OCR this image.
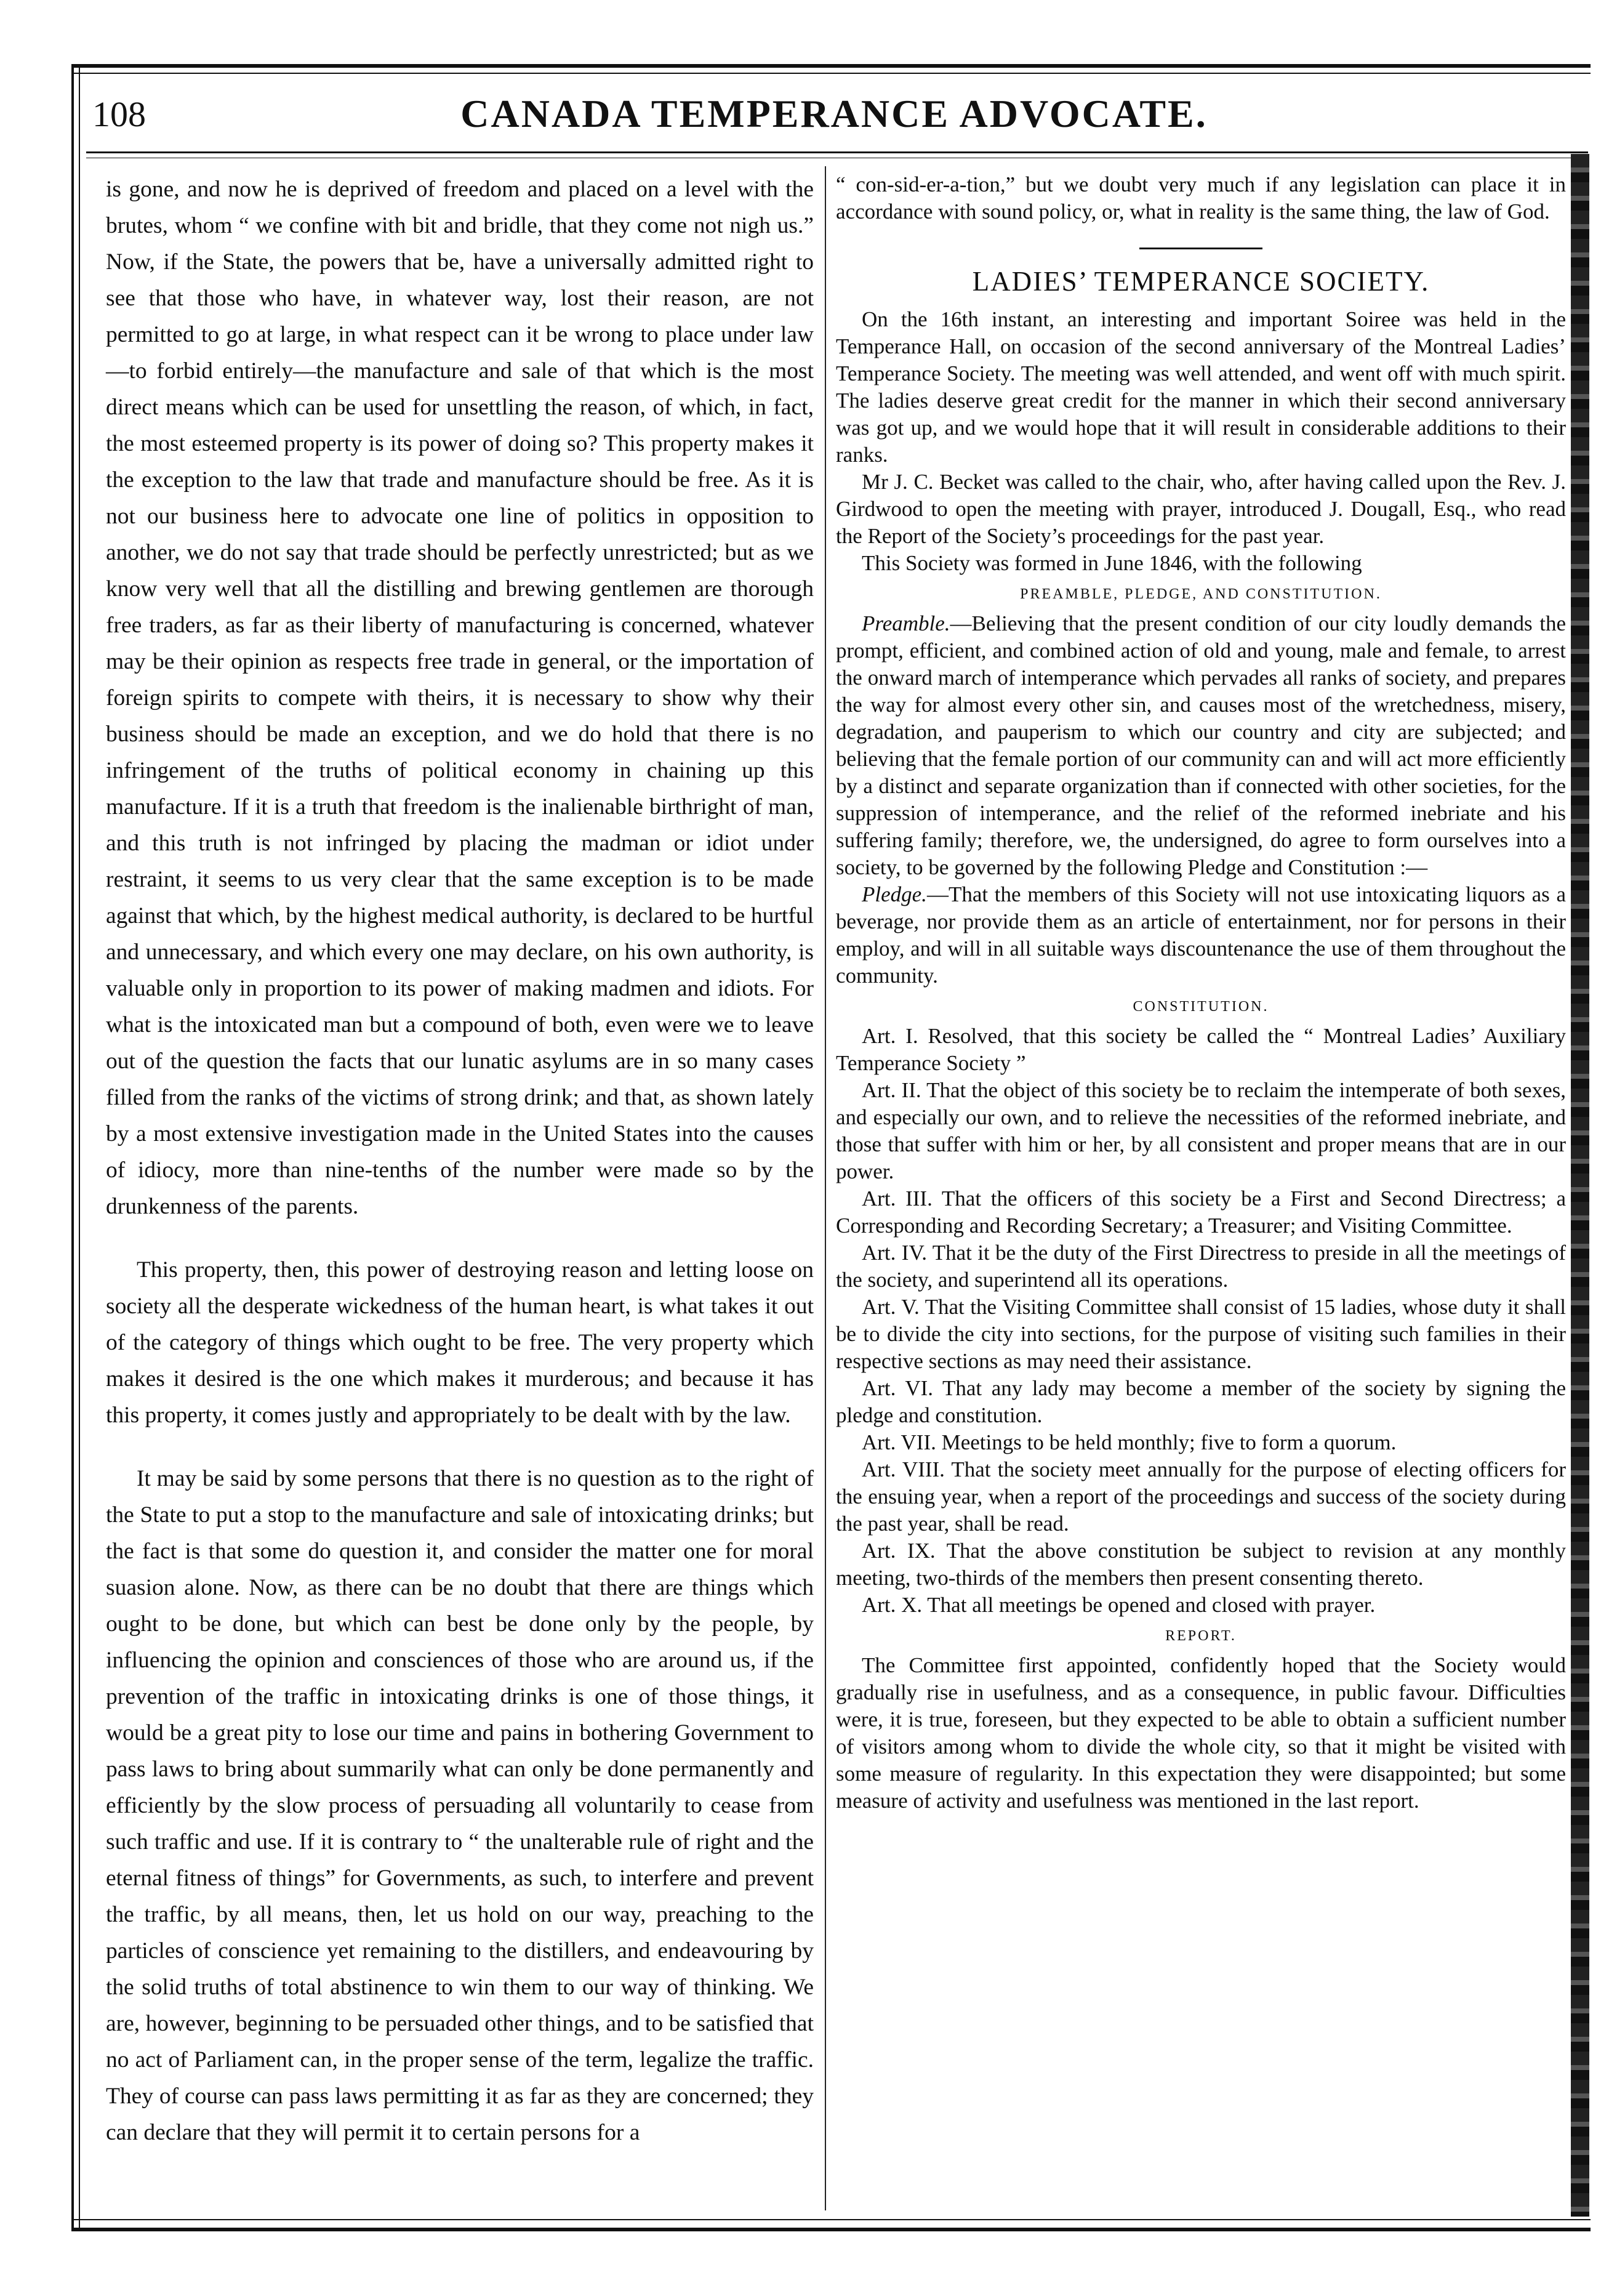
108	CANADA TEMPERANCE ADVOCATE.

is gone, and now he is deprived of freedom and placed on a level with the brutes, whom “ we confine with bit and bridle, that they come not nigh us.” Now, if the State, the powers that be, have a universally admitted right to see that those who have, in whatever way, lost their reason, are not permitted to go at large, in what respect can it be wrong to place under law—to forbid entirely—the manufacture and sale of that which is the most direct means which can be used for unsettling the reason, of which, in fact, the most esteemed property is its power of doing so? This property makes it the exception to the law that trade and manufacture should be free. As it is not our business here to advocate one line of politics in opposition to another, we do not say that trade should be perfectly unrestricted; but as we know very well that all the distilling and brewing gentlemen are thorough free traders, as far as their liberty of manufacturing is concerned, whatever may be their opinion as respects free trade in general, or the importation of foreign spirits to compete with theirs, it is necessary to show why their business should be made an exception, and we do hold that there is no infringement of the truths of political economy in chaining up this manufacture. If it is a truth that freedom is the inalienable birthright of man, and this truth is not infringed by placing the madman or idiot under restraint, it seems to us very clear that the same exception is to be made against that which, by the highest medical authority, is declared to be hurtful and unnecessary, and which every one may declare, on his own authority, is valuable only in proportion to its power of making madmen and idiots. For what is the intoxicated man but a compound of both, even were we to leave out of the question the facts that our lunatic asylums are in so many cases filled from the ranks of the victims of strong drink; and that, as shown lately by a most extensive investigation made in the United States into the causes of idiocy, more than nine-tenths of the number were made so by the drunkenness of the parents.

This property, then, this power of destroying reason and letting loose on society all the desperate wickedness of the human heart, is what takes it out of the category of things which ought to be free. The very property which makes it desired is the one which makes it murderous; and because it has this property, it comes justly and appropriately to be dealt with by the law.

It may be said by some persons that there is no question as to the right of the State to put a stop to the manufacture and sale of intoxicating drinks; but the fact is that some do question it, and consider the matter one for moral suasion alone. Now, as there can be no doubt that there are things which ought to be done, but which can best be done only by the people, by influencing the opinion and consciences of those who are around us, if the prevention of the traffic in intoxicating drinks is one of those things, it would be a great pity to lose our time and pains in bothering Government to pass laws to bring about summarily what can only be done permanently and efficiently by the slow process of persuading all voluntarily to cease from such traffic and use. If it is contrary to “ the unalterable rule of right and the eternal fitness of things” for Governments, as such, to interfere and prevent the traffic, by all means, then, let us hold on our way, preaching to the particles of conscience yet remaining to the distillers, and endeavouring by the solid truths of total abstinence to win them to our way of thinking. We are, however, beginning to be persuaded other things, and to be satisfied that no act of Parliament can, in the proper sense of the term, legalize the traffic. They of course can pass laws permitting it as far as they are concerned; they can declare that they will permit it to certain persons for a

“ con-sid-er-a-tion,” but we doubt very much if any legislation can place it in accordance with sound policy, or, what in reality is the same thing, the law of God.

LADIES’ TEMPERANCE SOCIETY.

On the 16th instant, an interesting and important Soiree was held in the Temperance Hall, on occasion of the second anniversary of the Montreal Ladies’ Temperance Society. The meeting was well attended, and went off with much spirit. The ladies deserve great credit for the manner in which their second anniversary was got up, and we would hope that it will result in considerable additions to their ranks.

Mr J. C. Becket was called to the chair, who, after having called upon the Rev. J. Girdwood to open the meeting with prayer, introduced J. Dougall, Esq., who read the Report of the Society’s proceedings for the past year.

This Society was formed in June 1846, with the following

PREAMBLE, PLEDGE, AND CONSTITUTION.

Preamble.—Believing that the present condition of our city loudly demands the prompt, efficient, and combined action of old and young, male and female, to arrest the onward march of intemperance which pervades all ranks of society, and prepares the way for almost every other sin, and causes most of the wretchedness, misery, degradation, and pauperism to which our country and city are subjected; and believing that the female portion of our community can and will act more efficiently by a distinct and separate organization than if connected with other societies, for the suppression of intemperance, and the relief of the reformed inebriate and his suffering family; therefore, we, the undersigned, do agree to form ourselves into a society, to be governed by the following Pledge and Constitution :—

Pledge.—That the members of this Society will not use intoxicating liquors as a beverage, nor provide them as an article of entertainment, nor for persons in their employ, and will in all suitable ways discountenance the use of them throughout the community.

CONSTITUTION.

Art. I. Resolved, that this society be called the “ Montreal Ladies’ Auxiliary Temperance Society ”

Art. II. That the object of this society be to reclaim the intemperate of both sexes, and especially our own, and to relieve the necessities of the reformed inebriate, and those that suffer with him or her, by all consistent and proper means that are in our power.

Art. III. That the officers of this society be a First and Second Directress; a Corresponding and Recording Secretary; a Treasurer; and Visiting Committee.

Art. IV. That it be the duty of the First Directress to preside in all the meetings of the society, and superintend all its operations.

Art. V. That the Visiting Committee shall consist of 15 ladies, whose duty it shall be to divide the city into sections, for the purpose of visiting such families in their respective sections as may need their assistance.

Art. VI. That any lady may become a member of the society by signing the pledge and constitution.

Art. VII. Meetings to be held monthly; five to form a quorum.

Art. VIII. That the society meet annually for the purpose of electing officers for the ensuing year, when a report of the proceedings and success of the society during the past year, shall be read.

Art. IX. That the above constitution be subject to revision at any monthly meeting, two-thirds of the members then present consenting thereto.

Art. X. That all meetings be opened and closed with prayer.

REPORT.

The Committee first appointed, confidently hoped that the Society would gradually rise in usefulness, and as a consequence, in public favour. Difficulties were, it is true, foreseen, but they expected to be able to obtain a sufficient number of visitors among whom to divide the whole city, so that it might be visited with some measure of regularity. In this expectation they were disappointed; but some measure of activity and usefulness was mentioned in the last report.
